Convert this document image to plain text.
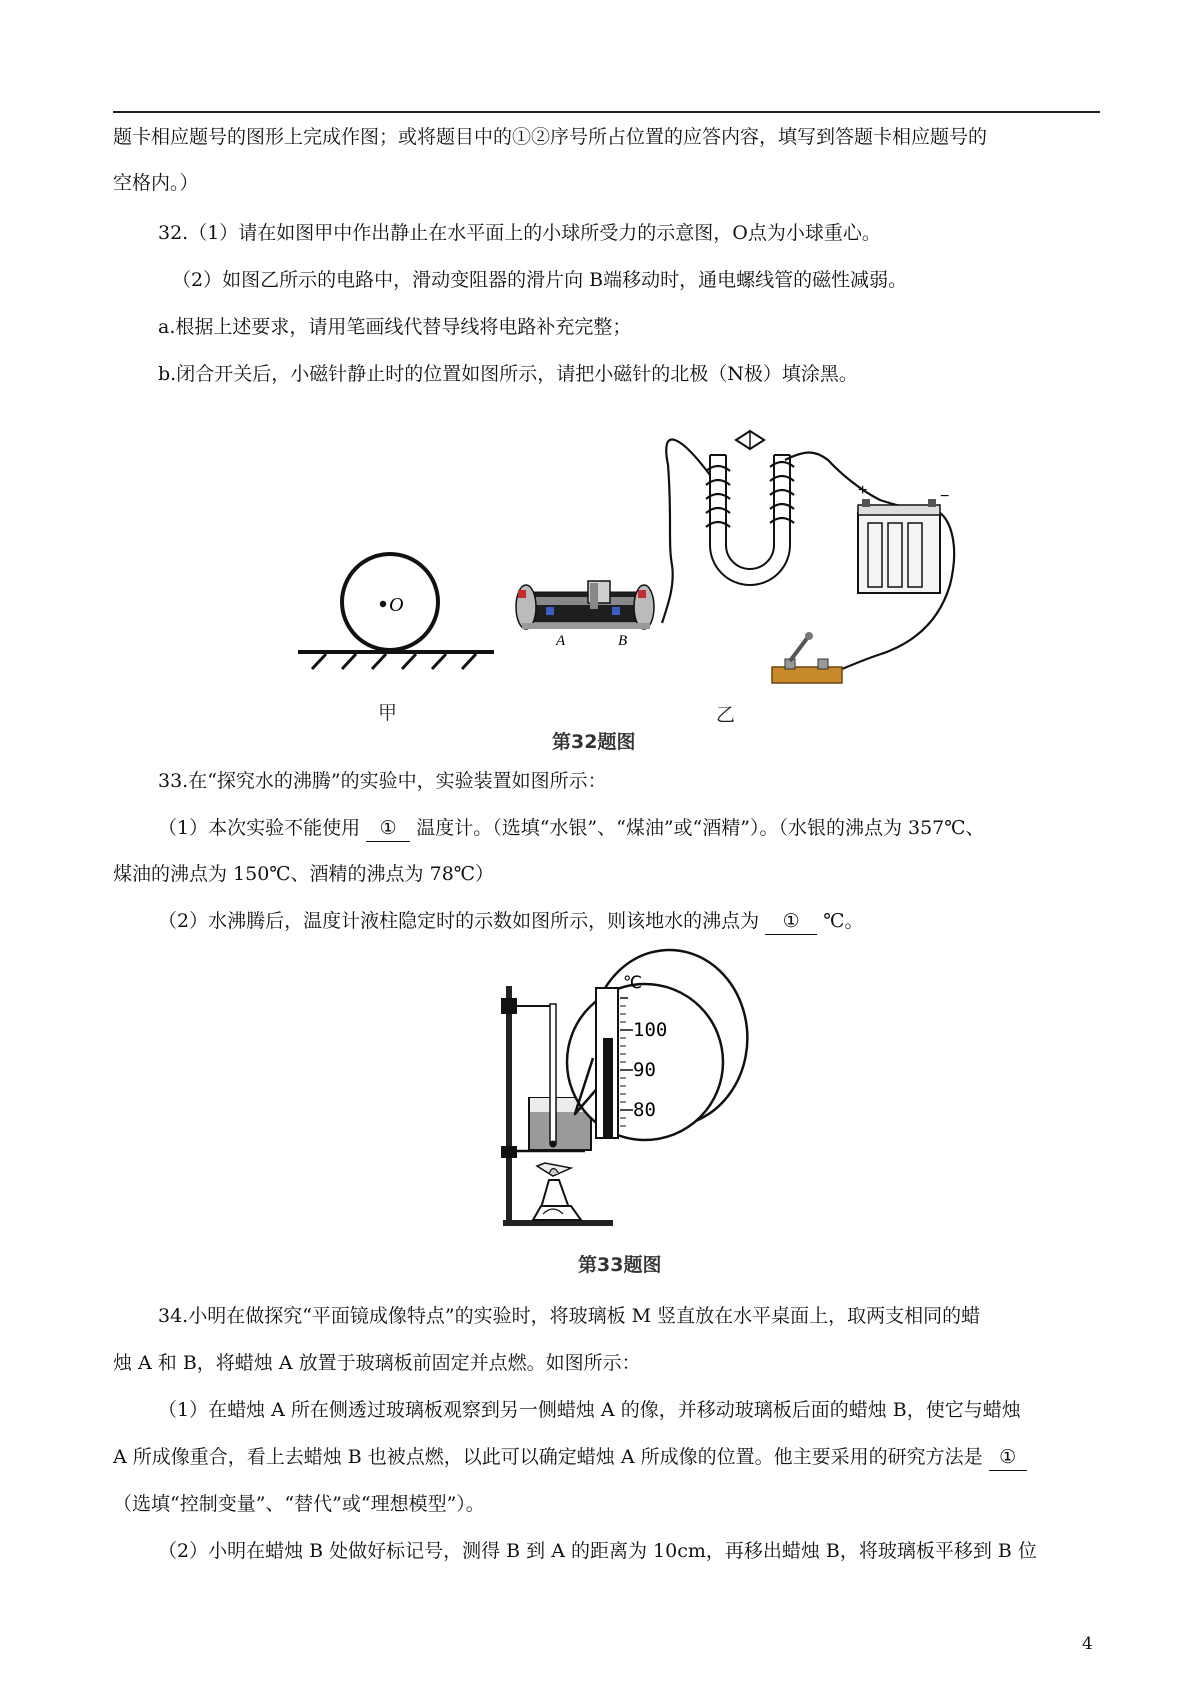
题卡相应题号的图形上完成作图；或将题目中的①②序号所占位置的应答内容，填写到答题卡相应题号的
空格内。）
32.（1）请在如图甲中作出静止在水平面上的小球所受力的示意图，O点为小球重心。
（2）如图乙所示的电路中，滑动变阻器的滑片向 B端移动时，通电螺线管的磁性减弱。
a.根据上述要求，请用笔画线代替导线将电路补充完整；
b.闭合开关后，小磁针静止时的位置如图所示，请把小磁针的北极（N极）填涂黑。
O
甲
+	−
A	B
乙
第32题图
33.在“探究水的沸腾”的实验中，实验装置如图所示：
（1）本次实验不能使用 ① 温度计。（选填“水银”、“煤油”或“酒精”）。（水银的沸点为 357℃、
煤油的沸点为 150℃、酒精的沸点为 78℃）
（2）水沸腾后，温度计液柱隐定时的示数如图所示，则该地水的沸点为 ① ℃。
℃
100
90
80
第33题图
34.小明在做探究“平面镜成像特点”的实验时，将玻璃板 M 竖直放在水平桌面上，取两支相同的蜡
烛 A 和 B，将蜡烛 A 放置于玻璃板前固定并点燃。如图所示：
（1）在蜡烛 A 所在侧透过玻璃板观察到另一侧蜡烛 A 的像，并移动玻璃板后面的蜡烛 B，使它与蜡烛
A 所成像重合，看上去蜡烛 B 也被点燃，以此可以确定蜡烛 A 所成像的位置。他主要采用的研究方法是 ①
（选填“控制变量”、“替代”或“理想模型”）。
（2）小明在蜡烛 B 处做好标记号，测得 B 到 A 的距离为 10cm，再移出蜡烛 B，将玻璃板平移到 B 位
4
